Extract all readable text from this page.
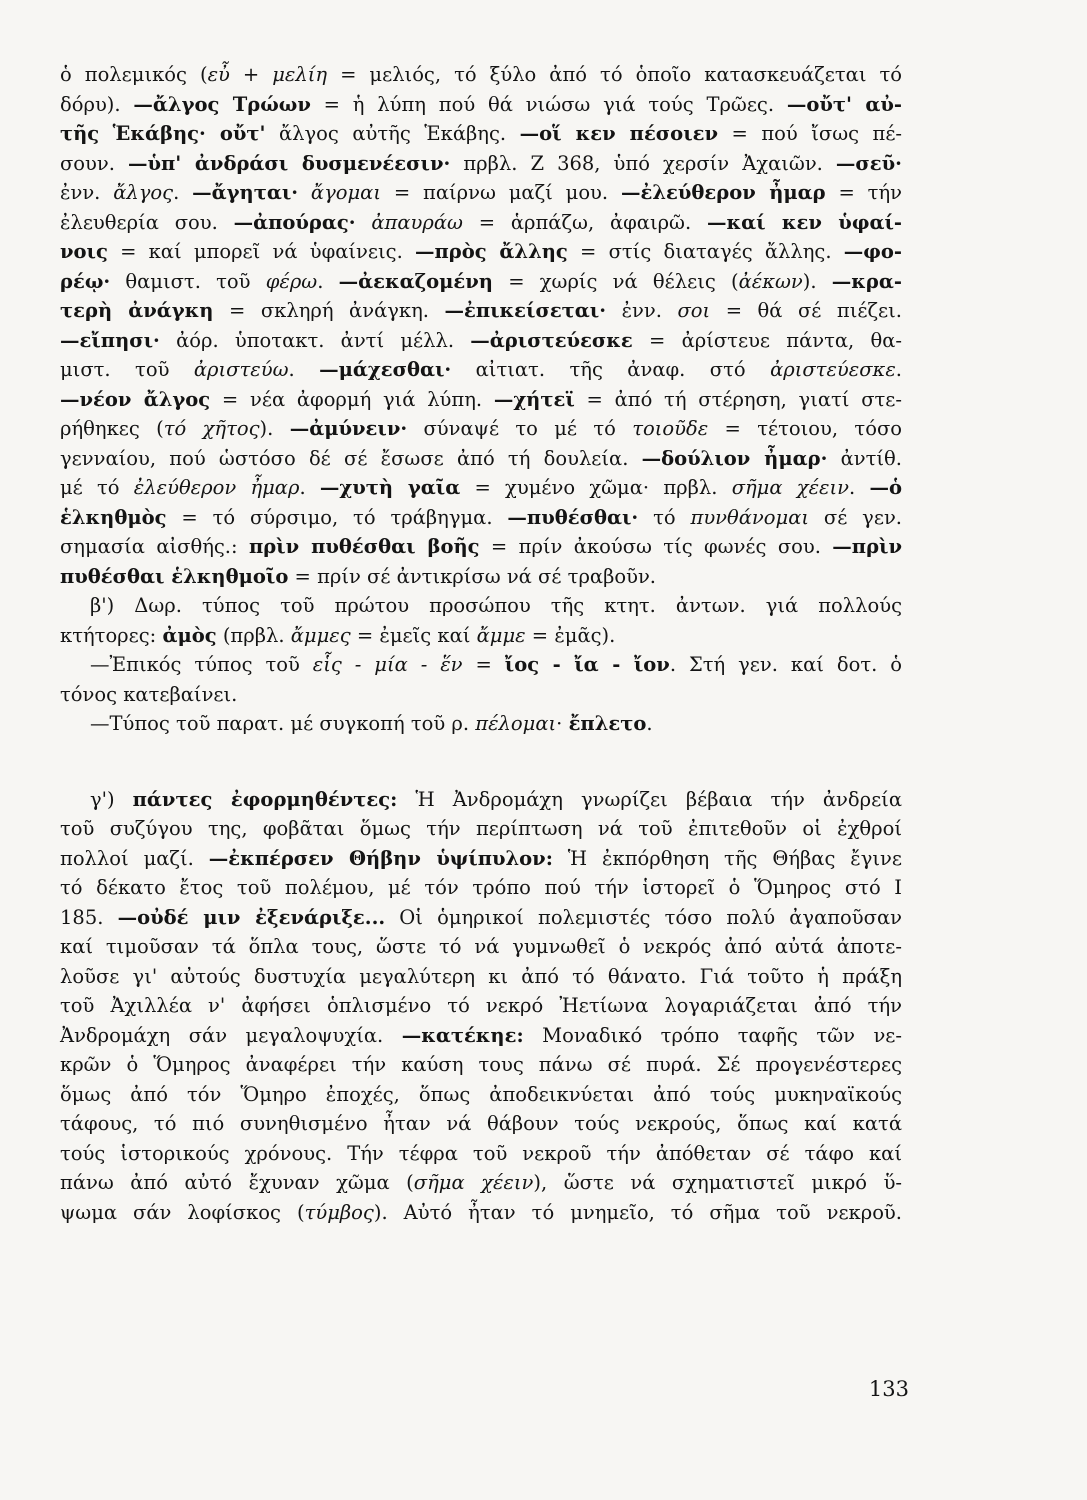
ὁ πολεμικός (εὖ + μελίη = μελιός, τό ξύλο ἀπό τό ὁποῖο κατασκευάζεται τό

δόρυ). —ἄλγος Τρώων = ἡ λύπη πού θά νιώσω γιά τούς Τρῶες. —οὔτ' αὐ-

τῆς Ἑκάβης· οὔτ' ἄλγος αὐτῆς Ἑκάβης. —οἵ κεν πέσοιεν = πού ἴσως πέ-

σουν. —ὑπ' ἀνδράσι δυσμενέεσιν· πρβλ. Ζ 368, ὑπό χερσίν Ἀχαιῶν. —σεῦ·

ἐνν. ἄλγος. —ἄγηται· ἄγομαι = παίρνω μαζί μου. —ἐλεύθερον ἦμαρ = τήν

ἐλευθερία σου. —ἀπούρας· ἀπαυράω = ἁρπάζω, ἀφαιρῶ. —καί κεν ὑφαί-

νοις = καί μπορεῖ νά ὑφαίνεις. —πρὸς ἄλλης = στίς διαταγές ἄλλης. —φο-

ρέῳ· θαμιστ. τοῦ φέρω. —ἀεκαζομένη = χωρίς νά θέλεις (ἀέκων). —κρα-

τερὴ ἀνάγκη = σκληρή ἀνάγκη. —ἐπικείσεται· ἐνν. σοι = θά σέ πιέζει.

—εἴπησι· ἀόρ. ὑποτακτ. ἀντί μέλλ. —ἀριστεύεσκε = ἀρίστευε πάντα, θα-

μιστ. τοῦ ἀριστεύω. —μάχεσθαι· αἰτιατ. τῆς ἀναφ. στό ἀριστεύεσκε.

—νέον ἄλγος = νέα ἀφορμή γιά λύπη. —χήτεϊ = ἀπό τή στέρηση, γιατί στε-

ρήθηκες (τό χῆτος). —ἀμύνειν· σύναψέ το μέ τό τοιοῦδε = τέτοιου, τόσο

γενναίου, πού ὡστόσο δέ σέ ἔσωσε ἀπό τή δουλεία. —δούλιον ἦμαρ· ἀντίθ.

μέ τό ἐλεύθερον ἦμαρ. —χυτὴ γαῖα = χυμένο χῶμα· πρβλ. σῆμα χέειν. —ὁ

ἑλκηθμὸς = τό σύρσιμο, τό τράβηγμα. —πυθέσθαι· τό πυνθάνομαι σέ γεν.

σημασία αἰσθής.: πρὶν πυθέσθαι βοῆς = πρίν ἀκούσω τίς φωνές σου. —πρὶν

πυθέσθαι ἑλκηθμοῖο = πρίν σέ ἀντικρίσω νά σέ τραβοῦν.

β') Δωρ. τύπος τοῦ πρώτου προσώπου τῆς κτητ. ἀντων. γιά πολλούς

κτήτορες: ἀμὸς (πρβλ. ἄμμες = ἐμεῖς καί ἄμμε = ἐμᾶς).

—Ἐπικός τύπος τοῦ εἷς - μία - ἕν = ἴος - ἴα - ἴον. Στή γεν. καί δοτ. ὁ

τόνος κατεβαίνει.

—Τύπος τοῦ παρατ. μέ συγκοπή τοῦ ρ. πέλομαι· ἔπλετο.

γ') πάντες ἐφορμηθέντες: Ἡ Ἀνδρομάχη γνωρίζει βέβαια τήν ἀνδρεία

τοῦ συζύγου της, φοβᾶται ὅμως τήν περίπτωση νά τοῦ ἐπιτεθοῦν οἱ ἐχθροί

πολλοί μαζί. —ἐκπέρσεν Θήβην ὑψίπυλον: Ἡ ἐκπόρθηση τῆς Θήβας ἔγινε

τό δέκατο ἔτος τοῦ πολέμου, μέ τόν τρόπο πού τήν ἱστορεῖ ὁ Ὅμηρος στό Ι

185. —οὐδέ μιν ἐξενάριξε... Οἱ ὁμηρικοί πολεμιστές τόσο πολύ ἀγαποῦσαν

καί τιμοῦσαν τά ὅπλα τους, ὥστε τό νά γυμνωθεῖ ὁ νεκρός ἀπό αὐτά ἀποτε-

λοῦσε γι' αὐτούς δυστυχία μεγαλύτερη κι ἀπό τό θάνατο. Γιά τοῦτο ἡ πράξη

τοῦ Ἀχιλλέα ν' ἀφήσει ὁπλισμένο τό νεκρό Ἠετίωνα λογαριάζεται ἀπό τήν

Ἀνδρομάχη σάν μεγαλοψυχία. —κατέκηε: Μοναδικό τρόπο ταφῆς τῶν νε-

κρῶν ὁ Ὅμηρος ἀναφέρει τήν καύση τους πάνω σέ πυρά. Σέ προγενέστερες

ὅμως ἀπό τόν Ὅμηρο ἐποχές, ὅπως ἀποδεικνύεται ἀπό τούς μυκηναϊκούς

τάφους, τό πιό συνηθισμένο ἦταν νά θάβουν τούς νεκρούς, ὅπως καί κατά

τούς ἱστορικούς χρόνους. Τήν τέφρα τοῦ νεκροῦ τήν ἀπόθεταν σέ τάφο καί

πάνω ἀπό αὐτό ἔχυναν χῶμα (σῆμα χέειν), ὥστε νά σχηματιστεῖ μικρό ὕ-

ψωμα σάν λοφίσκος (τύμβος). Αὐτό ἦταν τό μνημεῖο, τό σῆμα τοῦ νεκροῦ.

133
